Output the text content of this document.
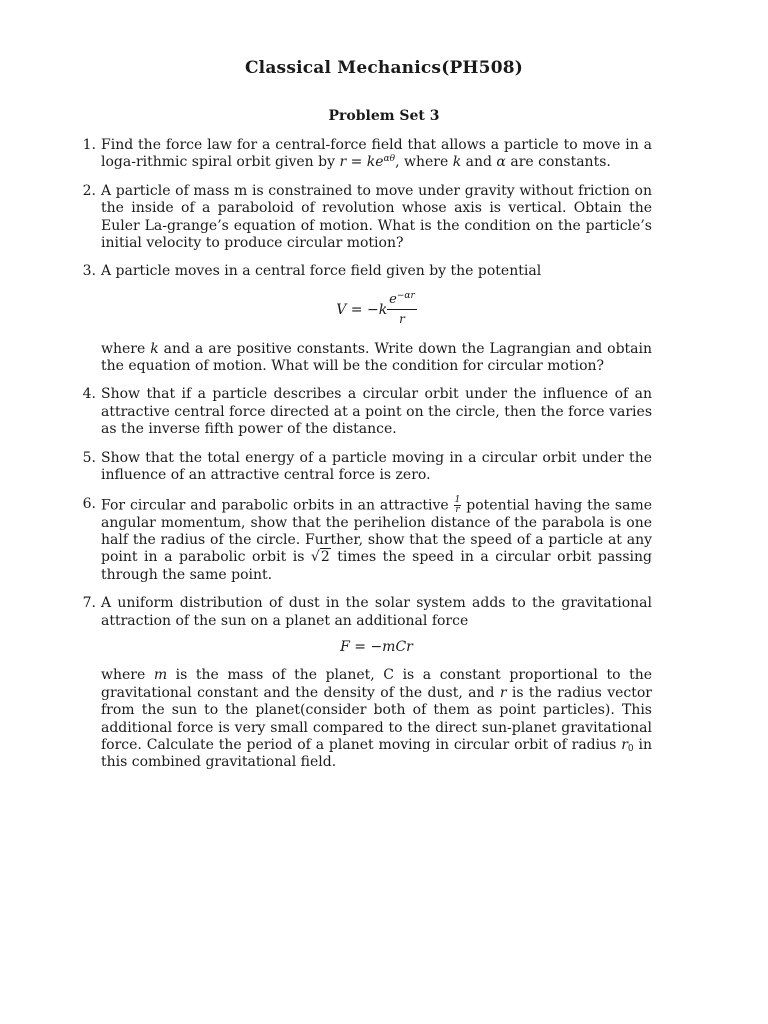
Classical Mechanics(PH508)
Problem Set 3
1. Find the force law for a central-force field that allows a particle to move in a loga-rithmic spiral orbit given by $r = ke^{\alpha\theta}$, where k and α are constants.
2. A particle of mass m is constrained to move under gravity without friction on the inside of a paraboloid of revolution whose axis is vertical. Obtain the Euler La-grange’s equation of motion. What is the condition on the particle’s initial velocity to produce circular motion?
3. A particle moves in a central force field given by the potential

$V = -k \frac{e^{-\alpha r}}{r}$

where k and a are positive constants. Write down the Lagrangian and obtain the equation of motion. What will be the condition for circular motion?

4. Show that if a particle describes a circular orbit under the influence of an attractive central force directed at a point on the circle, then the force varies as the inverse fifth power of the distance.
5. Show that the total energy of a particle moving in a circular orbit under the influence of an attractive central force is zero.
6. For circular and parabolic orbits in an attractive $\frac{1}{r}$ potential having the same angular momentum, show that the perihelion distance of the parabola is one half the radius of the circle. Further, show that the speed of a particle at any point in a parabolic orbit is √2 times the speed in a circular orbit passing through the same point.
7. A uniform distribution of dust in the solar system adds to the gravitational attraction of the sun on a planet an additional force

F = −mCr

where m is the mass of the planet, C is a constant proportional to the gravitational constant and the density of the dust, and r is the radius vector from the sun to the planet(consider both of them as point particles). This additional force is very small compared to the direct sun-planet gravitational force. Calculate the period of a planet moving in circular orbit of radius $r_0$ in this combined gravitational field.
